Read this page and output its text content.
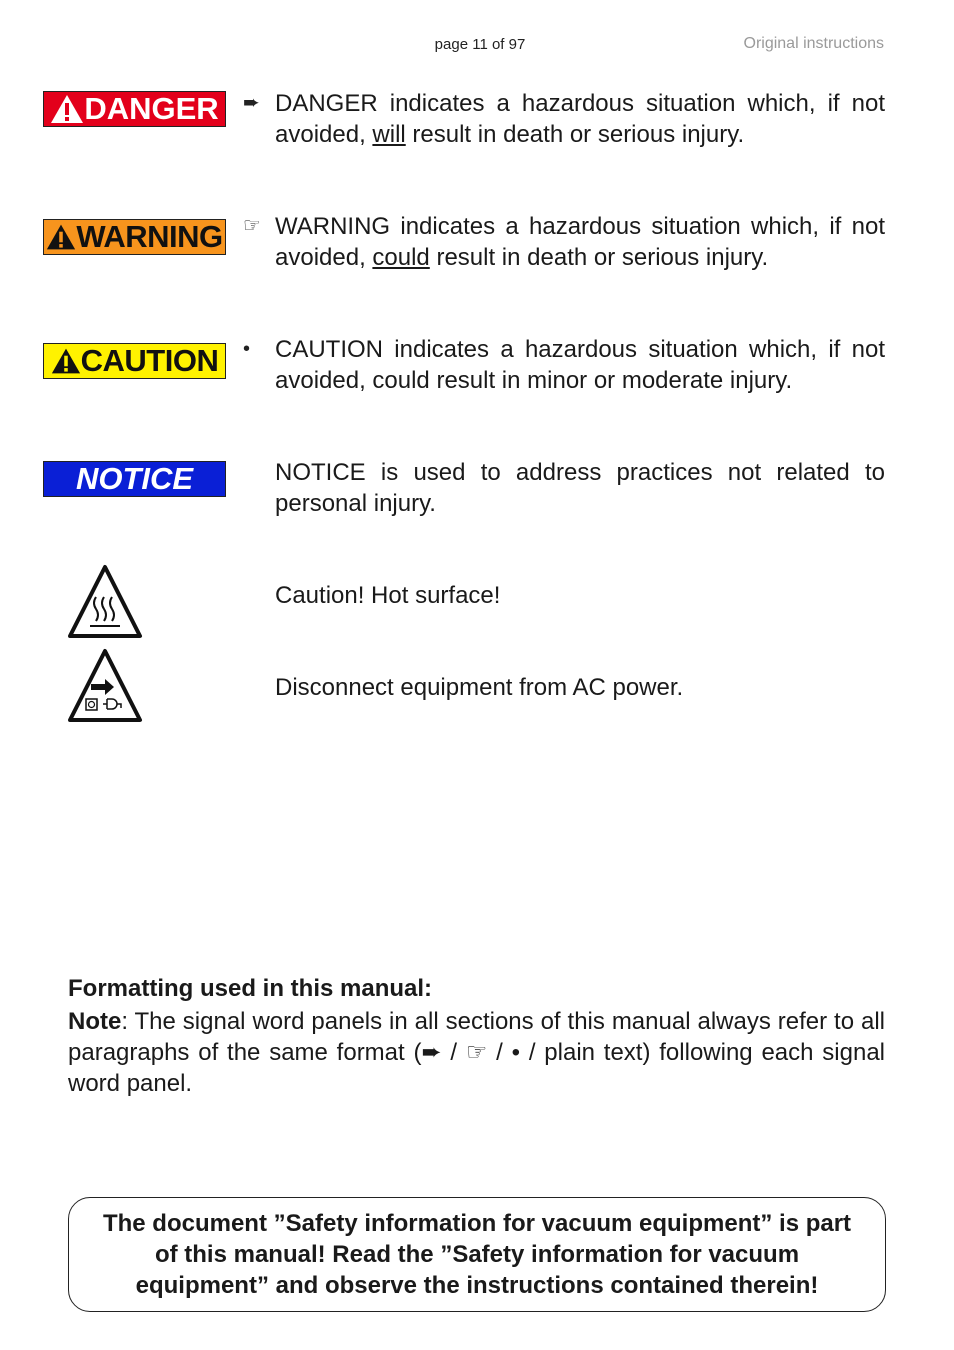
page 11 of 97	Original instructions
DANGER ➨ DANGER indicates a hazardous situation which, if not avoided, will result in death or serious injury.
WARNING ☞ WARNING indicates a hazardous situation which, if not avoided, could result in death or serious injury.
CAUTION • CAUTION indicates a hazardous situation which, if not avoided, could result in minor or moderate injury.
NOTICE	NOTICE is used to address practices not related to personal injury.
Caution! Hot surface!
Disconnect equipment from AC power.
Formatting used in this manual:
Note: The signal word panels in all sections of this manual always refer to all paragraphs of the same format (➨ / ☞ / • / plain text) following each signal word panel.
The document ”Safety information for vacuum equipment” is part of this manual! Read the ”Safety information for vacuum equipment” and observe the instructions contained therein!
